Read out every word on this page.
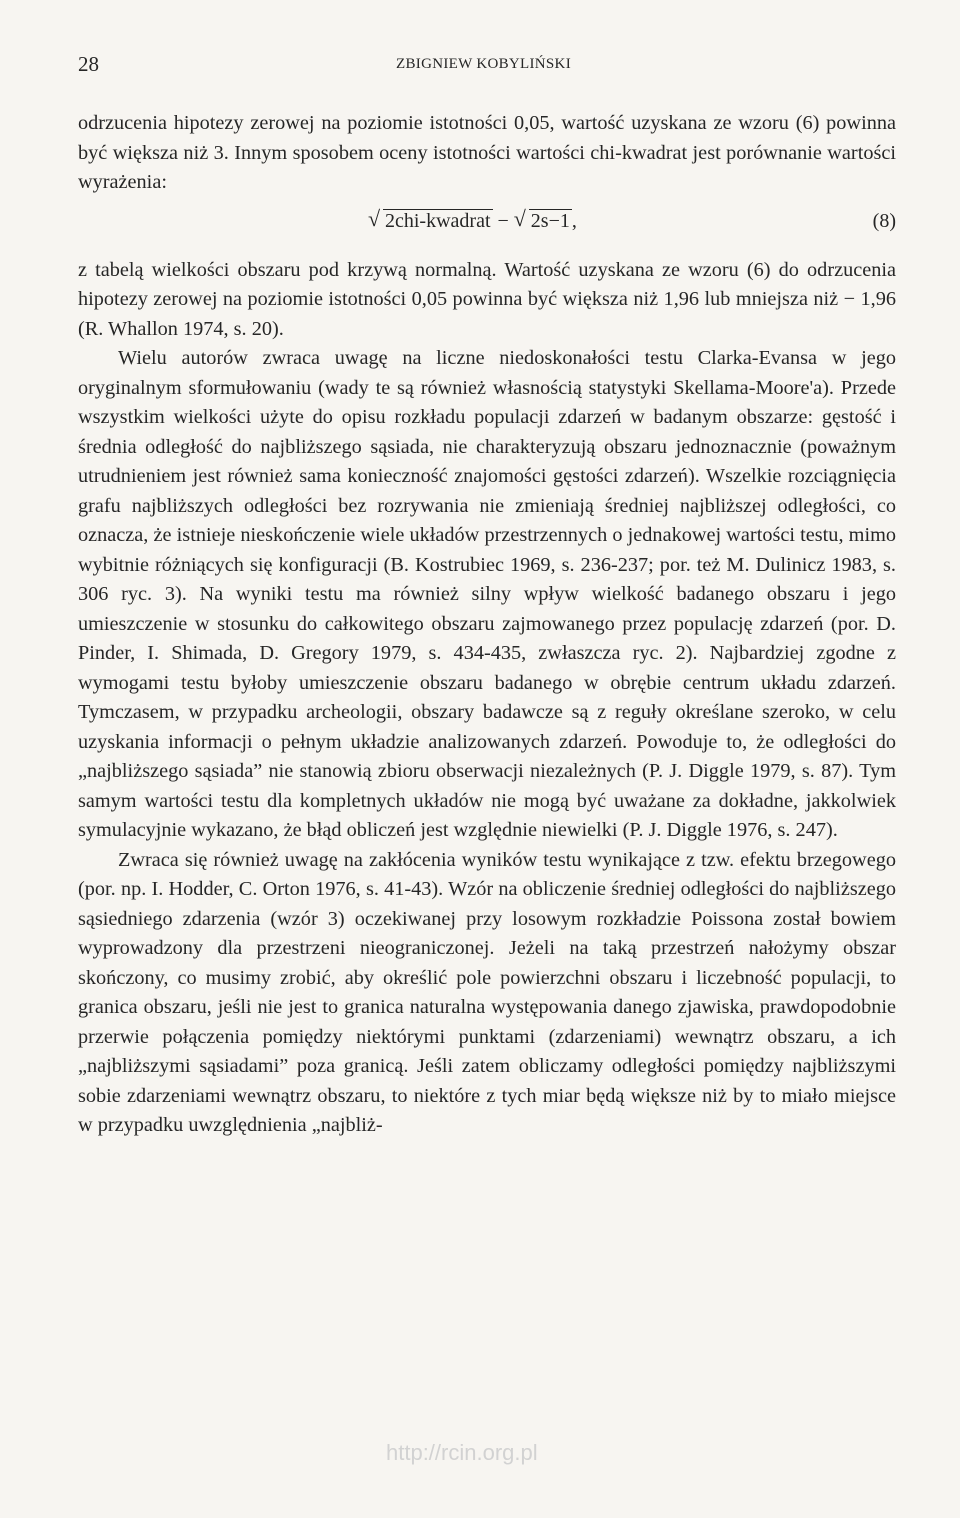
28	ZBIGNIEW KOBYLIŃSKI

odrzucenia hipotezy zerowej na poziomie istotności 0,05, wartość uzyskana ze wzoru (6) powinna być większa niż 3. Innym sposobem oceny istotności wartości chi-kwadrat jest porównanie wartości wyrażenia:

√ 2chi-kwadrat − √ 2s−1 ,	(8)

z tabelą wielkości obszaru pod krzywą normalną. Wartość uzyskana ze wzoru (6) do odrzucenia hipotezy zerowej na poziomie istotności 0,05 powinna być większa niż 1,96 lub mniejsza niż − 1,96 (R. Whallon 1974, s. 20).

Wielu autorów zwraca uwagę na liczne niedoskonałości testu Clarka-Evansa w jego oryginalnym sformułowaniu (wady te są również własnością statystyki Skellama-Moore'a). Przede wszystkim wielkości użyte do opisu rozkładu populacji zdarzeń w badanym obszarze: gęstość i średnia odległość do najbliższego sąsiada, nie charakteryzują obszaru jednoznacznie (poważnym utrudnieniem jest również sama konieczność znajomości gęstości zdarzeń). Wszelkie rozciągnięcia grafu najbliższych odległości bez rozrywania nie zmieniają średniej najbliższej odległości, co oznacza, że istnieje nieskończenie wiele układów przestrzennych o jednakowej wartości testu, mimo wybitnie różniących się konfiguracji (B. Kostrubiec 1969, s. 236-237; por. też M. Dulinicz 1983, s. 306 ryc. 3). Na wyniki testu ma również silny wpływ wielkość badanego obszaru i jego umieszczenie w stosunku do całkowitego obszaru zajmowanego przez populację zdarzeń (por. D. Pinder, I. Shimada, D. Gregory 1979, s. 434-435, zwłaszcza ryc. 2). Najbardziej zgodne z wymogami testu byłoby umieszczenie obszaru badanego w obrębie centrum układu zdarzeń. Tymczasem, w przypadku archeologii, obszary badawcze są z reguły określane szeroko, w celu uzyskania informacji o pełnym układzie analizowanych zdarzeń. Powoduje to, że odległości do „najbliższego sąsiada” nie stanowią zbioru obserwacji niezależnych (P. J. Diggle 1979, s. 87). Tym samym wartości testu dla kompletnych układów nie mogą być uważane za dokładne, jakkolwiek symulacyjnie wykazano, że błąd obliczeń jest względnie niewielki (P. J. Diggle 1976, s. 247).

Zwraca się również uwagę na zakłócenia wyników testu wynikające z tzw. efektu brzegowego (por. np. I. Hodder, C. Orton 1976, s. 41-43). Wzór na obliczenie średniej odległości do najbliższego sąsiedniego zdarzenia (wzór 3) oczekiwanej przy losowym rozkładzie Poissona został bowiem wyprowadzony dla przestrzeni nieograniczonej. Jeżeli na taką przestrzeń nałożymy obszar skończony, co musimy zrobić, aby określić pole powierzchni obszaru i liczebność populacji, to granica obszaru, jeśli nie jest to granica naturalna występowania danego zjawiska, prawdopodobnie przerwie połączenia pomiędzy niektórymi punktami (zdarzeniami) wewnątrz obszaru, a ich „najbliższymi sąsiadami” poza granicą. Jeśli zatem obliczamy odległości pomiędzy najbliższymi sobie zdarzeniami wewnątrz obszaru, to niektóre z tych miar będą większe niż by to miało miejsce w przypadku uwzględnienia „najbliż-

http://rcin.org.pl
